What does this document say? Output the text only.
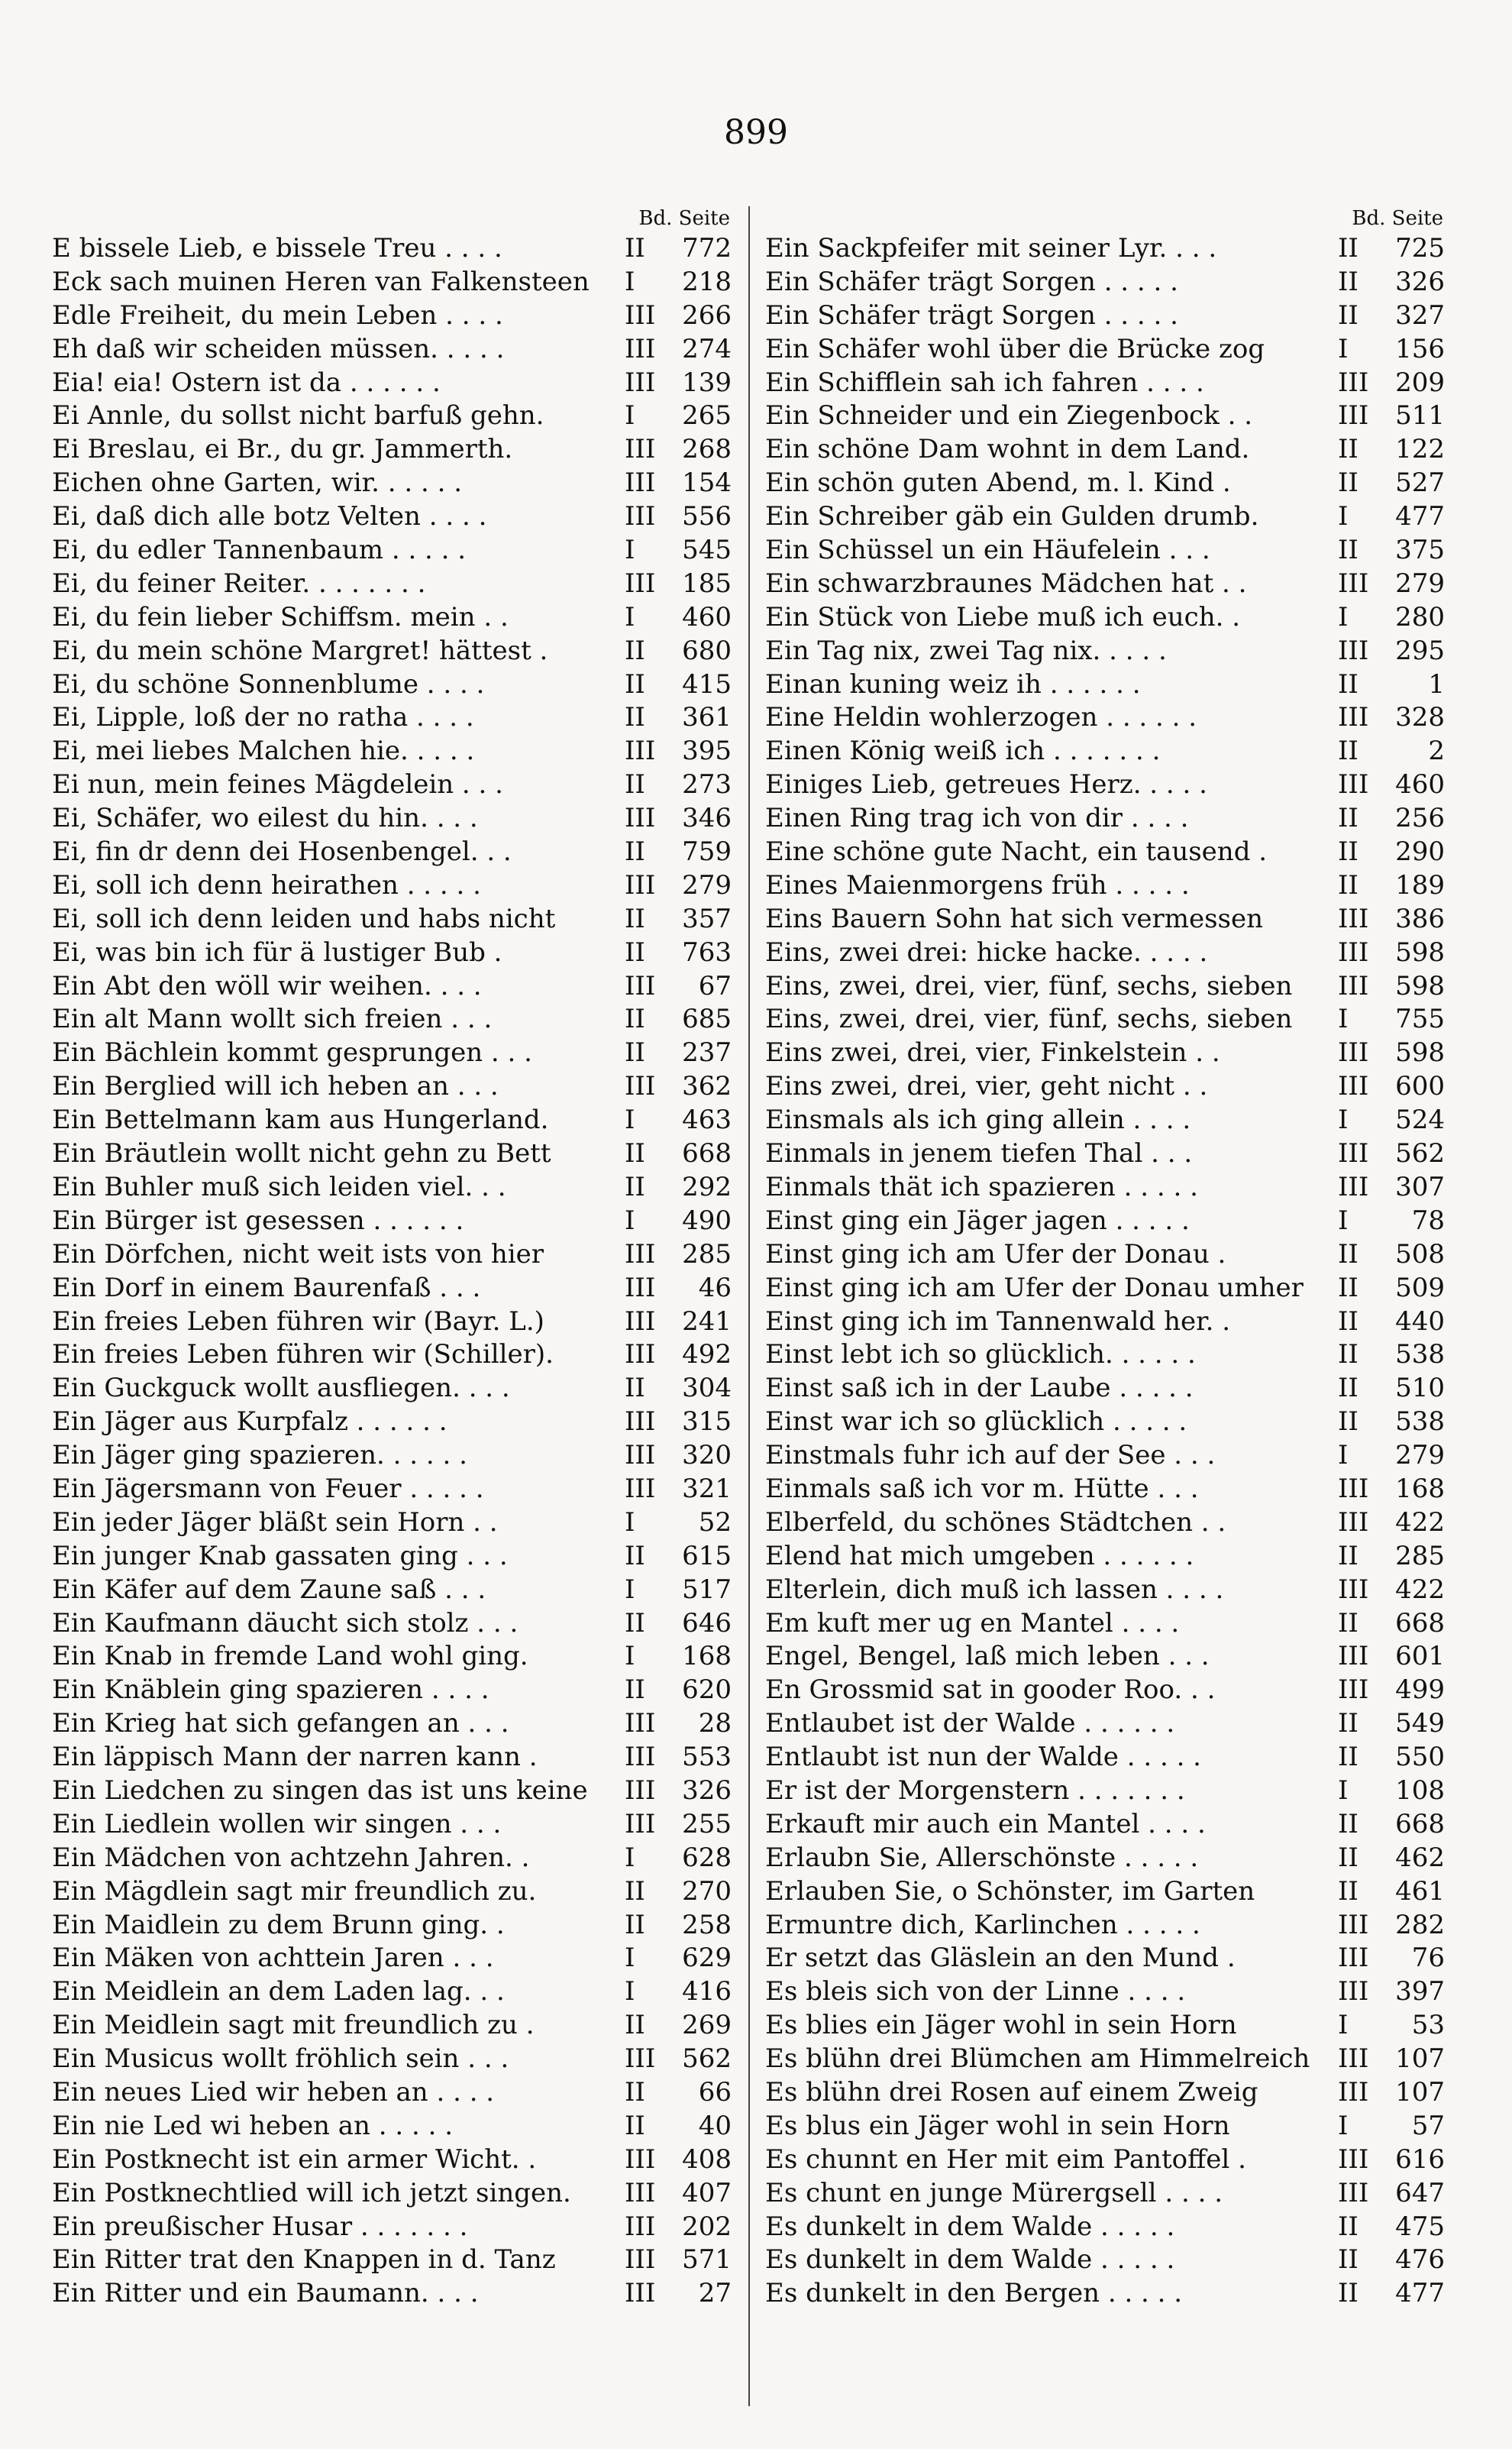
899
Bd. Seite
E bissele Lieb, e bissele Treu . . . .	II	772
Eck sach muinen Heren van Falkensteen	I	218
Edle Freiheit, du mein Leben . . . .	III	266
Eh daß wir scheiden müssen. . . . .	III	274
Eia! eia! Ostern ist da . . . . . .	III	139
Ei Annle, du sollst nicht barfuß gehn.	I	265
Ei Breslau, ei Br., du gr. Jammerth.	III	268
Eichen ohne Garten, wir. . . . . .	III	154
Ei, daß dich alle botz Velten . . . .	III	556
Ei, du edler Tannenbaum . . . . .	I	545
Ei, du feiner Reiter. . . . . . . .	III	185
Ei, du fein lieber Schiffsm. mein . .	I	460
Ei, du mein schöne Margret! hättest .	II	680
Ei, du schöne Sonnenblume . . . .	II	415
Ei, Lipple, loß der no ratha . . . .	II	361
Ei, mei liebes Malchen hie. . . . .	III	395
Ei nun, mein feines Mägdelein . . .	II	273
Ei, Schäfer, wo eilest du hin. . . .	III	346
Ei, fin dr denn dei Hosenbengel. . .	II	759
Ei, soll ich denn heirathen . . . . .	III	279
Ei, soll ich denn leiden und habs nicht	II	357
Ei, was bin ich für ä lustiger Bub .	II	763
Ein Abt den wöll wir weihen. . . .	III	67
Ein alt Mann wollt sich freien . . .	II	685
Ein Bächlein kommt gesprungen . . .	II	237
Ein Berglied will ich heben an . . .	III	362
Ein Bettelmann kam aus Hungerland.	I	463
Ein Bräutlein wollt nicht gehn zu Bett	II	668
Ein Buhler muß sich leiden viel. . .	II	292
Ein Bürger ist gesessen . . . . . .	I	490
Ein Dörfchen, nicht weit ists von hier	III	285
Ein Dorf in einem Baurenfaß . . .	III	46
Ein freies Leben führen wir (Bayr. L.)	III	241
Ein freies Leben führen wir (Schiller).	III	492
Ein Guckguck wollt ausfliegen. . . .	II	304
Ein Jäger aus Kurpfalz . . . . . .	III	315
Ein Jäger ging spazieren. . . . . .	III	320
Ein Jägersmann von Feuer . . . . .	III	321
Ein jeder Jäger bläßt sein Horn . .	I	52
Ein junger Knab gassaten ging . . .	II	615
Ein Käfer auf dem Zaune saß . . .	I	517
Ein Kaufmann däucht sich stolz . . .	II	646
Ein Knab in fremde Land wohl ging.	I	168
Ein Knäblein ging spazieren . . . .	II	620
Ein Krieg hat sich gefangen an . . .	III	28
Ein läppisch Mann der narren kann .	III	553
Ein Liedchen zu singen das ist uns keine	III	326
Ein Liedlein wollen wir singen . . .	III	255
Ein Mädchen von achtzehn Jahren. .	I	628
Ein Mägdlein sagt mir freundlich zu.	II	270
Ein Maidlein zu dem Brunn ging. .	II	258
Ein Mäken von achttein Jaren . . .	I	629
Ein Meidlein an dem Laden lag. . .	I	416
Ein Meidlein sagt mit freundlich zu .	II	269
Ein Musicus wollt fröhlich sein . . .	III	562
Ein neues Lied wir heben an . . . .	II	66
Ein nie Led wi heben an . . . . .	II	40
Ein Postknecht ist ein armer Wicht. .	III	408
Ein Postknechtlied will ich jetzt singen.	III	407
Ein preußischer Husar . . . . . . .	III	202
Ein Ritter trat den Knappen in d. Tanz	III	571
Ein Ritter und ein Baumann. . . .	III	27
Bd. Seite
Ein Sackpfeifer mit seiner Lyr. . . .	II	725
Ein Schäfer trägt Sorgen . . . . .	II	326
Ein Schäfer trägt Sorgen . . . . .	II	327
Ein Schäfer wohl über die Brücke zog	I	156
Ein Schifflein sah ich fahren . . . .	III	209
Ein Schneider und ein Ziegenbock . .	III	511
Ein schöne Dam wohnt in dem Land.	II	122
Ein schön guten Abend, m. l. Kind .	II	527
Ein Schreiber gäb ein Gulden drumb.	I	477
Ein Schüssel un ein Häufelein . . .	II	375
Ein schwarzbraunes Mädchen hat . .	III	279
Ein Stück von Liebe muß ich euch. .	I	280
Ein Tag nix, zwei Tag nix. . . . .	III	295
Einan kuning weiz ih . . . . . .	II	1
Eine Heldin wohlerzogen . . . . . .	III	328
Einen König weiß ich . . . . . . .	II	2
Einiges Lieb, getreues Herz. . . . .	III	460
Einen Ring trag ich von dir . . . .	II	256
Eine schöne gute Nacht, ein tausend .	II	290
Eines Maienmorgens früh . . . . .	II	189
Eins Bauern Sohn hat sich vermessen	III	386
Eins, zwei drei: hicke hacke. . . . .	III	598
Eins, zwei, drei, vier, fünf, sechs, sieben	III	598
Eins, zwei, drei, vier, fünf, sechs, sieben	I	755
Eins zwei, drei, vier, Finkelstein . .	III	598
Eins zwei, drei, vier, geht nicht . .	III	600
Einsmals als ich ging allein . . . .	I	524
Einmals in jenem tiefen Thal . . .	III	562
Einmals thät ich spazieren . . . . .	III	307
Einst ging ein Jäger jagen . . . . .	I	78
Einst ging ich am Ufer der Donau .	II	508
Einst ging ich am Ufer der Donau umher	II	509
Einst ging ich im Tannenwald her. .	II	440
Einst lebt ich so glücklich. . . . . .	II	538
Einst saß ich in der Laube . . . . .	II	510
Einst war ich so glücklich . . . . .	II	538
Einstmals fuhr ich auf der See . . .	I	279
Einmals saß ich vor m. Hütte . . .	III	168
Elberfeld, du schönes Städtchen . .	III	422
Elend hat mich umgeben . . . . . .	II	285
Elterlein, dich muß ich lassen . . . .	III	422
Em kuft mer ug en Mantel . . . .	II	668
Engel, Bengel, laß mich leben . . .	III	601
En Grossmid sat in gooder Roo. . .	III	499
Entlaubet ist der Walde . . . . . .	II	549
Entlaubt ist nun der Walde . . . . .	II	550
Er ist der Morgenstern . . . . . . .	I	108
Erkauft mir auch ein Mantel . . . .	II	668
Erlaubn Sie, Allerschönste . . . . .	II	462
Erlauben Sie, o Schönster, im Garten	II	461
Ermuntre dich, Karlinchen . . . . .	III	282
Er setzt das Gläslein an den Mund .	III	76
Es bleis sich von der Linne . . . .	III	397
Es blies ein Jäger wohl in sein Horn	I	53
Es blühn drei Blümchen am Himmelreich III	107
Es blühn drei Rosen auf einem Zweig	III	107
Es blus ein Jäger wohl in sein Horn	I	57
Es chunnt en Her mit eim Pantoffel .	III	616
Es chunt en junge Mürergsell . . . .	III	647
Es dunkelt in dem Walde . . . . .	II	475
Es dunkelt in dem Walde . . . . .	II	476
Es dunkelt in den Bergen . . . . .	II	477
